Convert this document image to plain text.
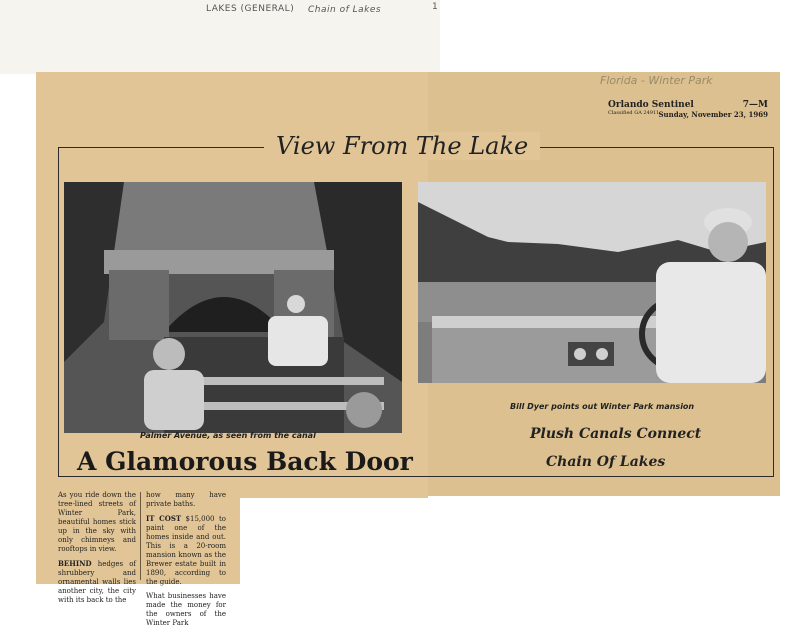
LAKES (GENERAL) Chain of Lakes	1
Florida - Winter Park
Orlando Sentinel
Classified GA 24911
7—M
Sunday, November 23, 1969
View From The Lake
Palmer Avenue, as seen from the canal
Bill Dyer points out Winter Park mansion
A Glamorous Back Door
Plush Canals Connect
Chain Of Lakes

As you ride down the tree-lined streets of Winter Park, beautiful homes stick up in the sky with only chimneys and rooftops in view.

BEHIND hedges of shrubbery and ornamental walls lies another city, the city with its back to the

how many have private baths.

IT COST $15,000 to paint one of the homes inside and out. This is a 20-room mansion known as the Brewer estate built in 1890, according to the guide.

What businesses have made the money for the owners of the Winter Park
